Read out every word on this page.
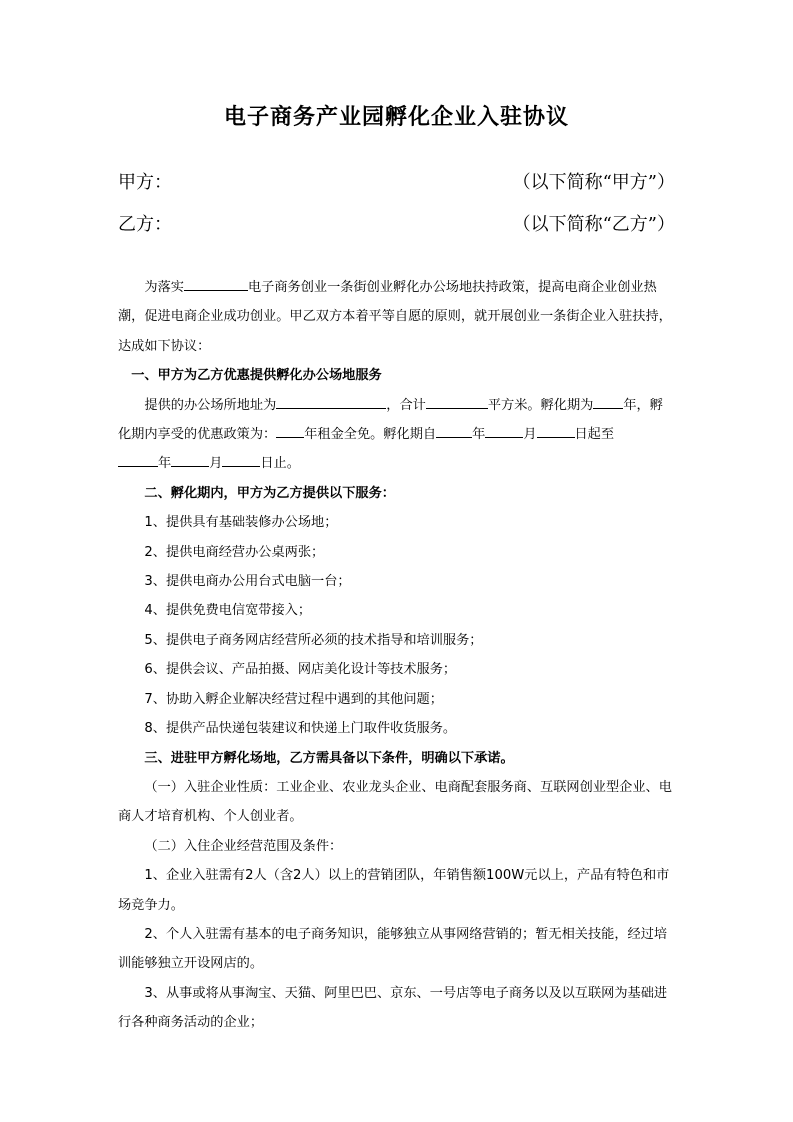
电子商务产业园孵化企业入驻协议
甲方：	（以下简称“甲方”）
乙方：	（以下简称“乙方”）

为落实	电子商务创业一条街创业孵化办公场地扶持政策，提高电商企业创业热潮，促进电商企业成功创业。甲乙双方本着平等自愿的原则，就开展创业一条街企业入驻扶持，达成如下协议：

一、甲方为乙方优惠提供孵化办公场地服务

提供的办公场所地址为	，合计	平方米。孵化期为 年，孵化期内享受的优惠政策为： 年租金全免。孵化期自	年	月	日起至
年	月	日止。

二、孵化期内，甲方为乙方提供以下服务：

1、提供具有基础装修办公场地；

2、提供电商经营办公桌两张；

3、提供电商办公用台式电脑一台；

4、提供免费电信宽带接入；

5、提供电子商务网店经营所必须的技术指导和培训服务；

6、提供会议、产品拍摄、网店美化设计等技术服务；

7、协助入孵企业解决经营过程中遇到的其他问题；

8、提供产品快递包装建议和快递上门取件收货服务。

三、进驻甲方孵化场地，乙方需具备以下条件，明确以下承诺。

（一）入驻企业性质：工业企业、农业龙头企业、电商配套服务商、互联网创业型企业、电商人才培育机构、个人创业者。

（二）入住企业经营范围及条件：

1、企业入驻需有2人（含2人）以上的营销团队，年销售额100W元以上，产品有特色和市场竞争力。

2、个人入驻需有基本的电子商务知识，能够独立从事网络营销的；暂无相关技能，经过培训能够独立开设网店的。

3、从事或将从事淘宝、天猫、阿里巴巴、京东、一号店等电子商务以及以互联网为基础进行各种商务活动的企业；
